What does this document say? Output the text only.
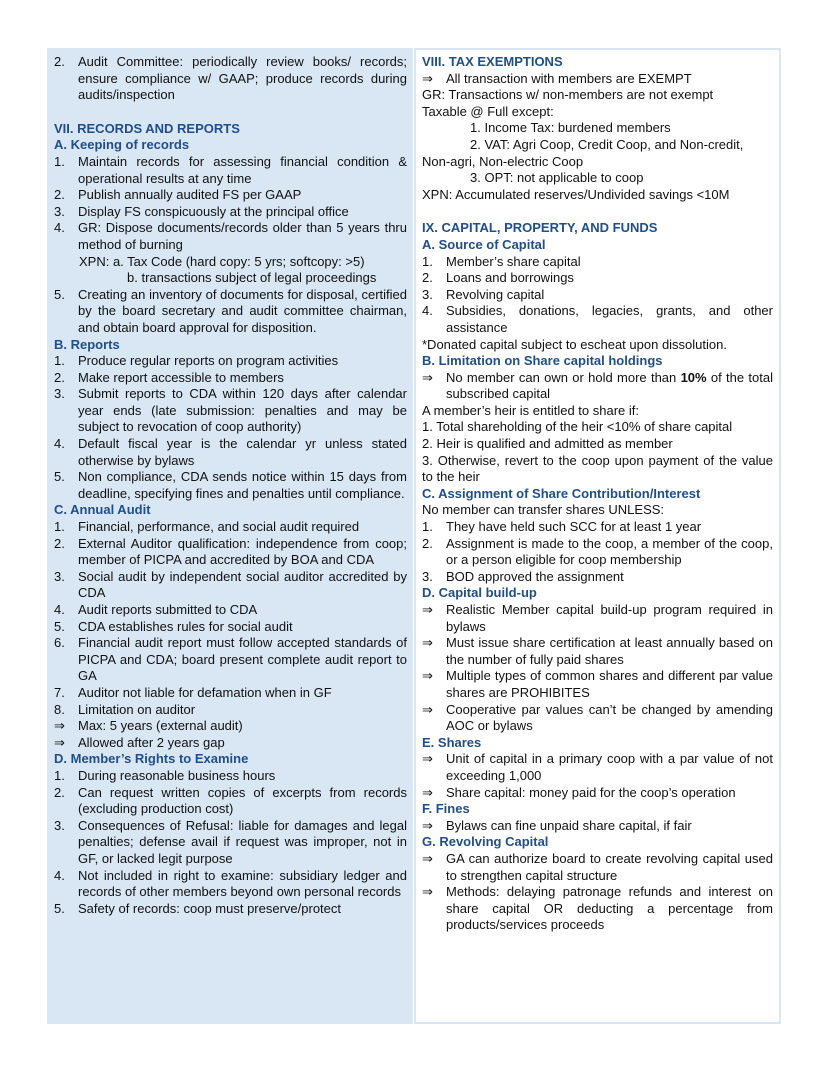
2.	Audit Committee: periodically review books/ records; ensure compliance w/ GAAP; produce records during audits/inspection
VII. RECORDS AND REPORTS
A. Keeping of records
1.	Maintain records for assessing financial condition & operational results at any time
2.	Publish annually audited FS per GAAP
3.	Display FS conspicuously at the principal office
4.	GR: Dispose documents/records older than 5 years thru method of burning
XPN: a. Tax Code (hard copy: 5 yrs; softcopy: >5)
b. transactions subject of legal proceedings
5.	Creating an inventory of documents for disposal, certified by the board secretary and audit committee chairman, and obtain board approval for disposition.
B. Reports
1.	Produce regular reports on program activities
2.	Make report accessible to members
3.	Submit reports to CDA within 120 days after calendar year ends (late submission: penalties and may be subject to revocation of coop authority)
4.	Default fiscal year is the calendar yr unless stated otherwise by bylaws
5.	Non compliance, CDA sends notice within 15 days from deadline, specifying fines and penalties until compliance.
C. Annual Audit
1.	Financial, performance, and social audit required
2.	External Auditor qualification: independence from coop; member of PICPA and accredited by BOA and CDA
3.	Social audit by independent social auditor accredited by CDA
4.	Audit reports submitted to CDA
5.	CDA establishes rules for social audit
6.	Financial audit report must follow accepted standards of PICPA and CDA; board present complete audit report to GA
7.	Auditor not liable for defamation when in GF
8.	Limitation on auditor
⇒	Max: 5 years (external audit)
⇒	Allowed after 2 years gap
D. Member’s Rights to Examine
1.	During reasonable business hours
2.	Can request written copies of excerpts from records (excluding production cost)
3.	Consequences of Refusal: liable for damages and legal penalties; defense avail if request was improper, not in GF, or lacked legit purpose
4.	Not included in right to examine: subsidiary ledger and records of other members beyond own personal records
5.	Safety of records: coop must preserve/protect
VIII. TAX EXEMPTIONS
⇒	All transaction with members are EXEMPT
GR: Transactions w/ non-members are not exempt
Taxable @ Full except:
1. Income Tax: burdened members
2. VAT: Agri Coop, Credit Coop, and Non-credit,
Non-agri, Non-electric Coop
3. OPT: not applicable to coop
XPN: Accumulated reserves/Undivided savings <10M
IX. CAPITAL, PROPERTY, AND FUNDS
A. Source of Capital
1.	Member’s share capital
2.	Loans and borrowings
3.	Revolving capital
4.	Subsidies, donations, legacies, grants, and other assistance
*Donated capital subject to escheat upon dissolution.
B. Limitation on Share capital holdings
⇒	No member can own or hold more than 10% of the total subscribed capital
A member’s heir is entitled to share if:
1. Total shareholding of the heir <10% of share capital
2. Heir is qualified and admitted as member
3. Otherwise, revert to the coop upon payment of the value to the heir
C. Assignment of Share Contribution/Interest
No member can transfer shares UNLESS:
1.	They have held such SCC for at least 1 year
2.	Assignment is made to the coop, a member of the coop, or a person eligible for coop membership
3.	BOD approved the assignment
D. Capital build-up
⇒	Realistic Member capital build-up program required in bylaws
⇒	Must issue share certification at least annually based on the number of fully paid shares
⇒	Multiple types of common shares and different par value shares are PROHIBITES
⇒	Cooperative par values can’t be changed by amending AOC or bylaws
E. Shares
⇒	Unit of capital in a primary coop with a par value of not exceeding 1,000
⇒	Share capital: money paid for the coop’s operation
F. Fines
⇒	Bylaws can fine unpaid share capital, if fair
G. Revolving Capital
⇒	GA can authorize board to create revolving capital used to strengthen capital structure
⇒	Methods: delaying patronage refunds and interest on share capital OR deducting a percentage from products/services proceeds
